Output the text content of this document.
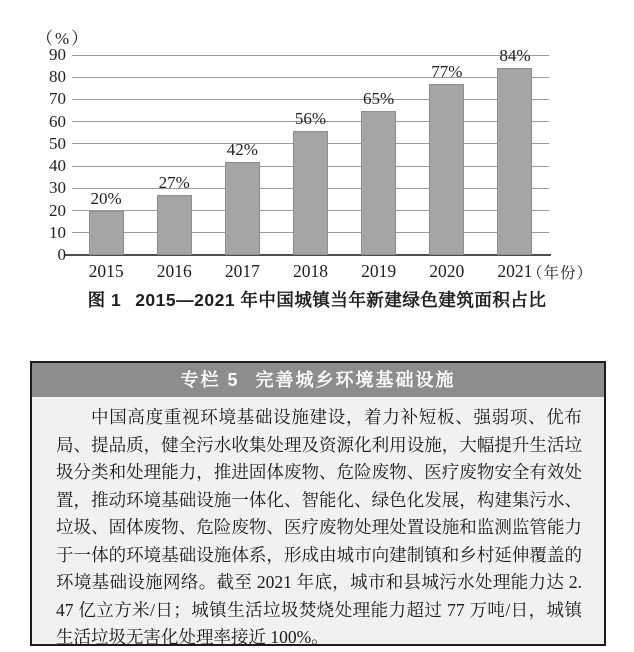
（%）
0
10
20
30
40
50
60
70
80
90
20%
2015
27%
2016
42%
2017
56%
2018
65%
2019
77%
2020
84%
2021
（年份）
图 1 2015—2021 年中国城镇当年新建绿色建筑面积占比
专栏 5 完善城乡环境基础设施

中国高度重视环境基础设施建设，着力补短板、强弱项、优布局、提品质，健全污水收集处理及资源化利用设施，大幅提升生活垃圾分类和处理能力，推进固体废物、危险废物、医疗废物安全有效处置，推动环境基础设施一体化、智能化、绿色化发展，构建集污水、垃圾、固体废物、危险废物、医疗废物处理处置设施和监测监管能力于一体的环境基础设施体系，形成由城市向建制镇和乡村延伸覆盖的环境基础设施网络。截至 2021 年底，城市和县城污水处理能力达 2. 47 亿立方米/日；城镇生活垃圾焚烧处理能力超过 77 万吨/日，城镇生活垃圾无害化处理率接近 100%。
